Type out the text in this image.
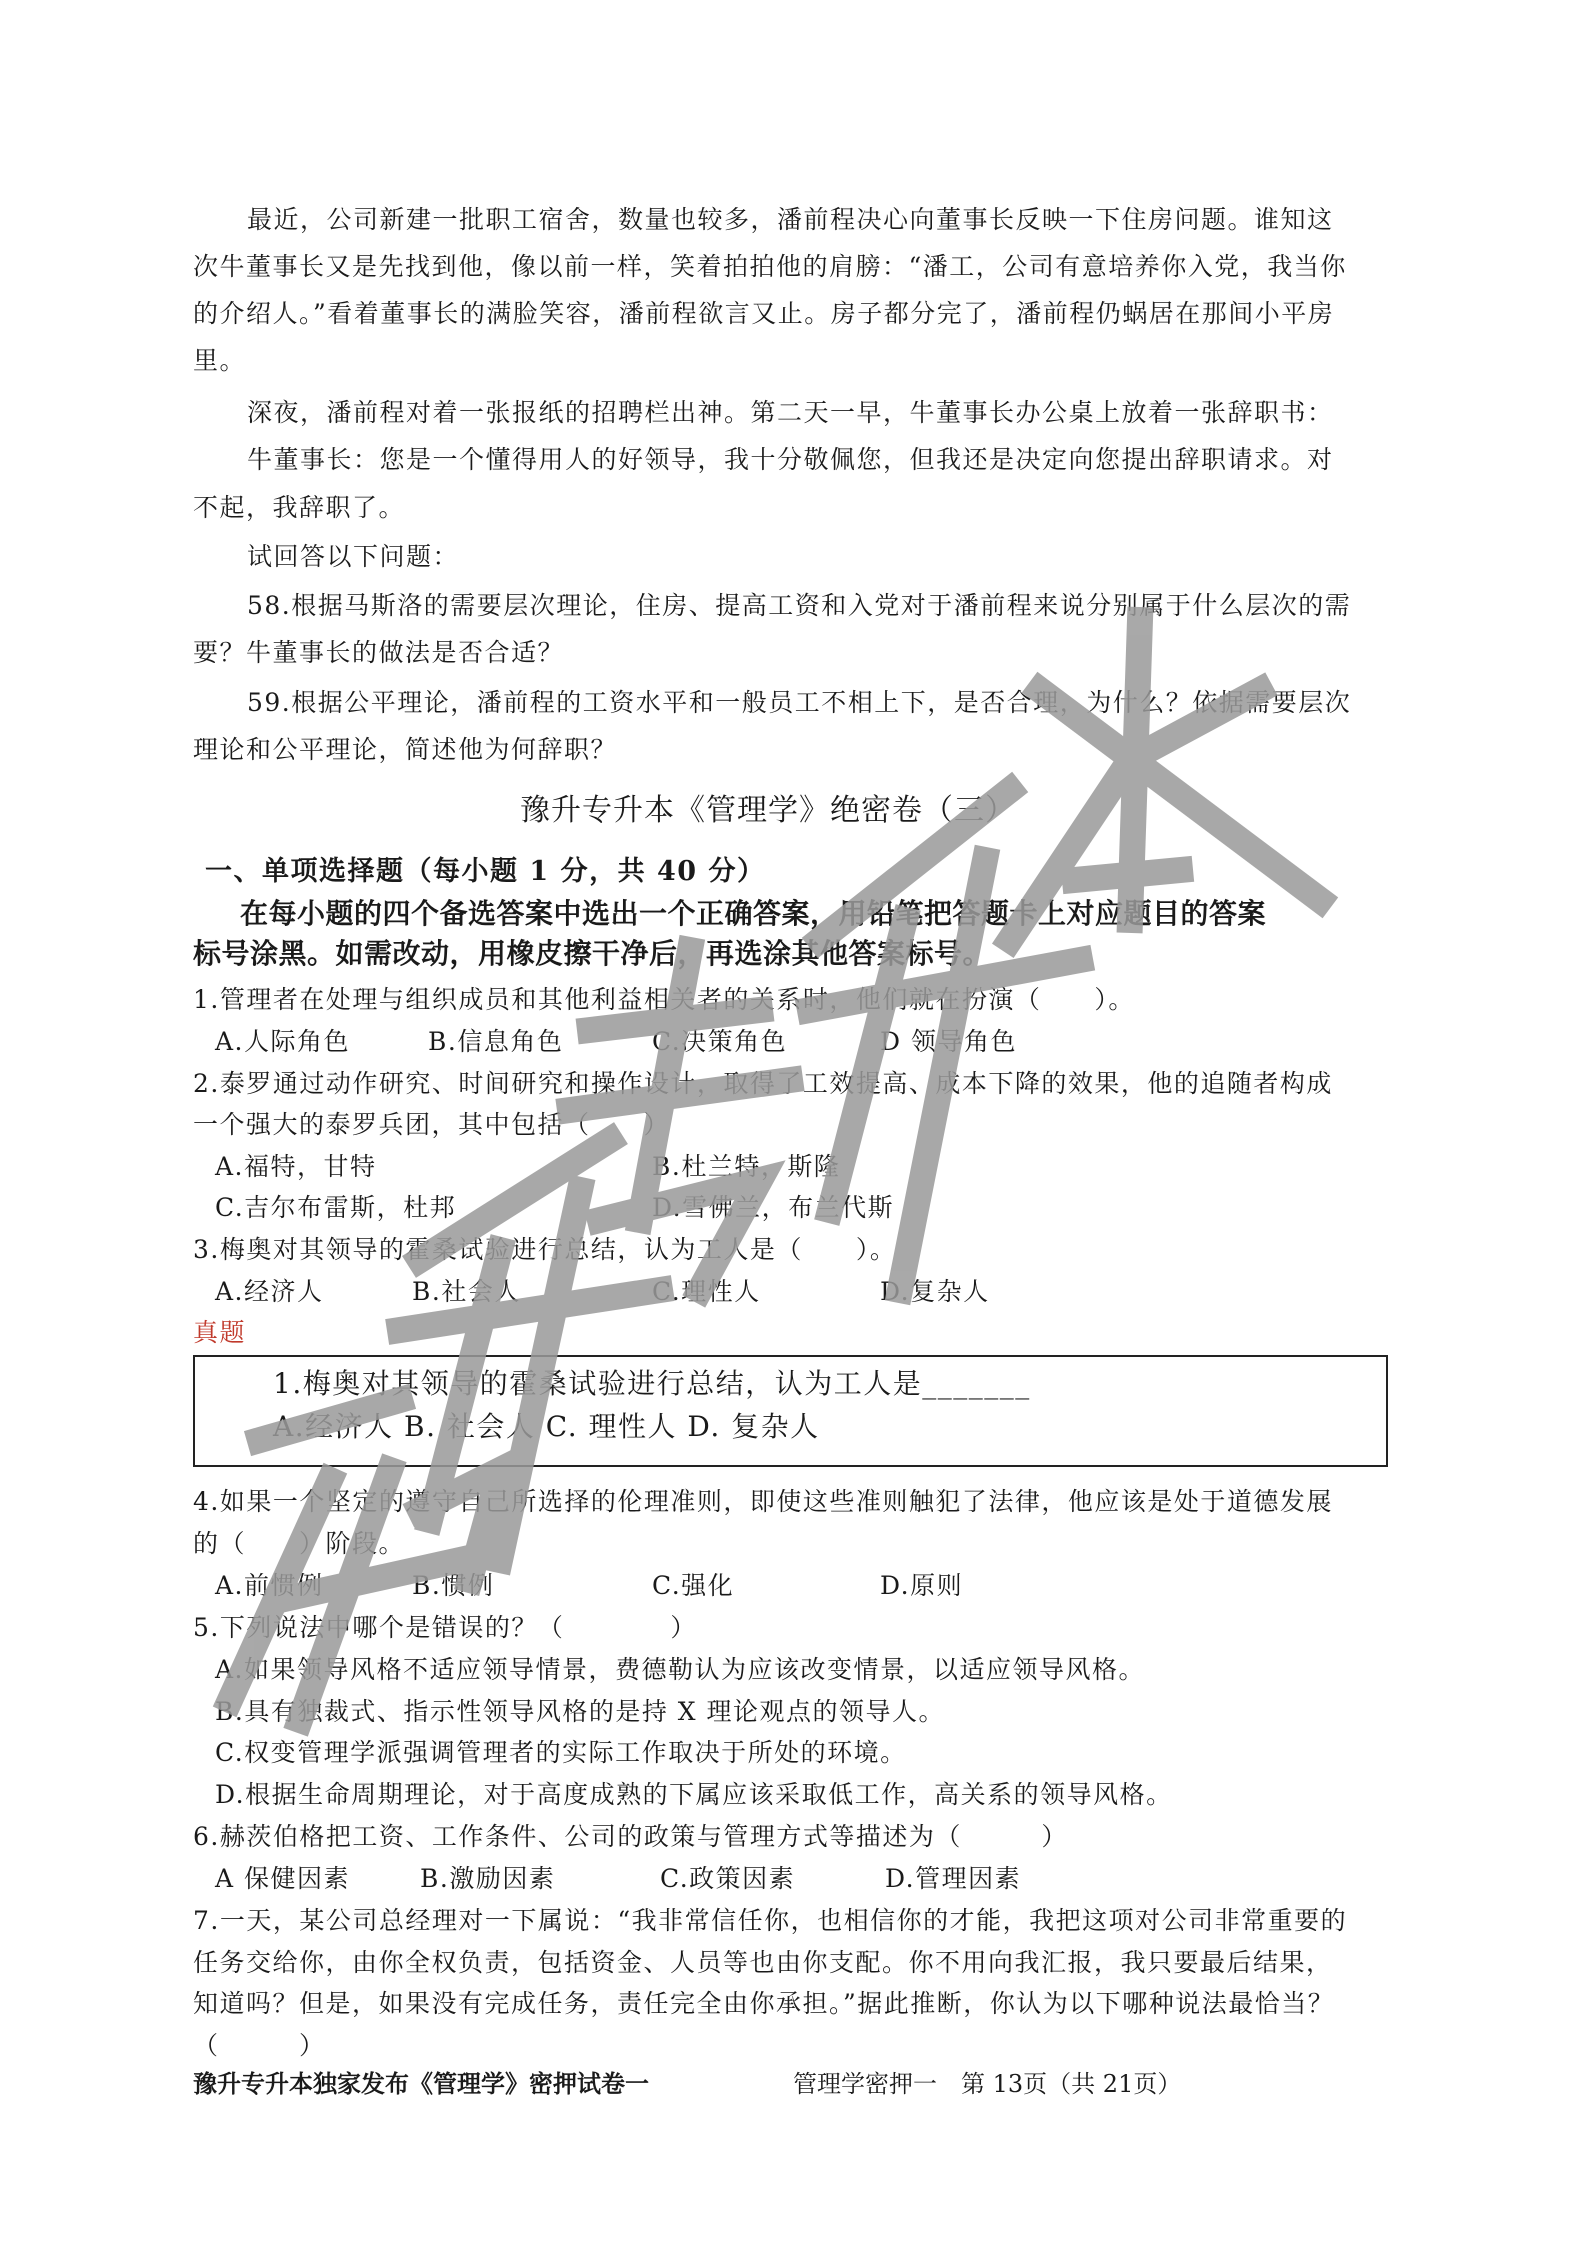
最近，公司新建一批职工宿舍，数量也较多，潘前程决心向董事长反映一下住房问题。谁知这
次牛董事长又是先找到他，像以前一样，笑着拍拍他的肩膀：“潘工，公司有意培养你入党，我当你
的介绍人。”看着董事长的满脸笑容，潘前程欲言又止。房子都分完了，潘前程仍蜗居在那间小平房
里。
深夜，潘前程对着一张报纸的招聘栏出神。第二天一早，牛董事长办公桌上放着一张辞职书：
牛董事长：您是一个懂得用人的好领导，我十分敬佩您，但我还是决定向您提出辞职请求。对
不起，我辞职了。
试回答以下问题：
58.根据马斯洛的需要层次理论，住房、提高工资和入党对于潘前程来说分别属于什么层次的需
要？牛董事长的做法是否合适？
59.根据公平理论，潘前程的工资水平和一般员工不相上下，是否合理，为什么？依据需要层次
理论和公平理论，简述他为何辞职？
豫升专升本《管理学》绝密卷（三）
一、单项选择题（每小题 1 分，共 40 分）
在每小题的四个备选答案中选出一个正确答案，用铅笔把答题卡上对应题目的答案
标号涂黑。如需改动，用橡皮擦干净后，再选涂其他答案标号。
1.管理者在处理与组织成员和其他利益相关者的关系时，他们就在扮演（　　）。
A.人际角色	B.信息角色	C.决策角色	D 领导角色
2.泰罗通过动作研究、时间研究和操作设计，取得了工效提高、成本下降的效果，他的追随者构成
一个强大的泰罗兵团，其中包括（　　）
A.福特，甘特	B.杜兰特，斯隆
C.吉尔布雷斯，杜邦	D.雪佛兰，布兰代斯
3.梅奥对其领导的霍桑试验进行总结，认为工人是（　　）。
A.经济人	B.社会人	C.理性人	D.复杂人
真题
1.梅奥对其领导的霍桑试验进行总结，认为工人是_______
A.经济人 B. 社会人 C. 理性人 D. 复杂人
4.如果一个坚定的遵守自己所选择的伦理准则，即使这些准则触犯了法律，他应该是处于道德发展
的（　　）阶段。
A.前惯例	B.惯例	C.强化	D.原则
5.下列说法中哪个是错误的？（　　　　）
A.如果领导风格不适应领导情景，费德勒认为应该改变情景，以适应领导风格。
B.具有独裁式、指示性领导风格的是持 X 理论观点的领导人。
C.权变管理学派强调管理者的实际工作取决于所处的环境。
D.根据生命周期理论，对于高度成熟的下属应该采取低工作，高关系的领导风格。
6.赫茨伯格把工资、工作条件、公司的政策与管理方式等描述为（　　　）
A 保健因素	B.激励因素	C.政策因素	D.管理因素
7.一天，某公司总经理对一下属说：“我非常信任你，也相信你的才能，我把这项对公司非常重要的
任务交给你，由你全权负责，包括资金、人员等也由你支配。你不用向我汇报，我只要最后结果，
知道吗？但是，如果没有完成任务，责任完全由你承担。”据此推断，你认为以下哪种说法最恰当？
（　　　）
豫升专升本独家发布《管理学》密押试卷一	管理学密押一　第 13页（共 21页）
